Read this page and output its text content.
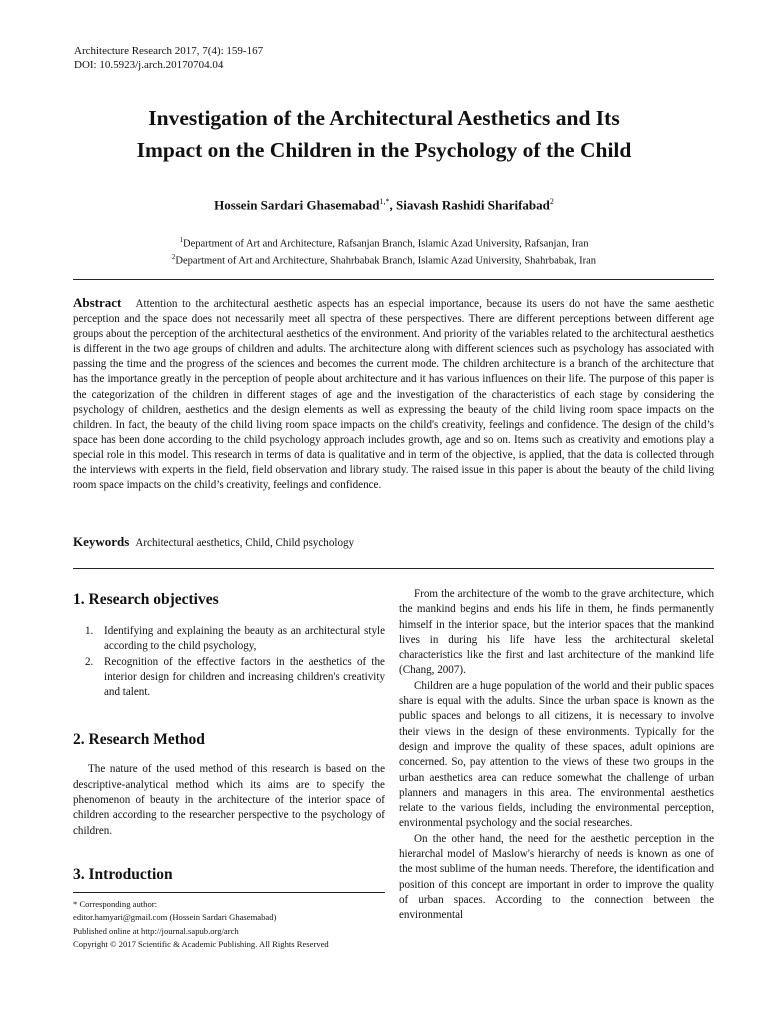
Architecture Research 2017, 7(4): 159-167
DOI: 10.5923/j.arch.20170704.04
Investigation of the Architectural Aesthetics and Its
Impact on the Children in the Psychology of the Child
Hossein Sardari Ghasemabad$^{1,*}$, Siavash Rashidi Sharifabad$^2$
$^1$Department of Art and Architecture, Rafsanjan Branch, Islamic Azad University, Rafsanjan, Iran
$^2$Department of Art and Architecture, Shahrbabak Branch, Islamic Azad University, Shahrbabak, Iran

Abstract Attention to the architectural aesthetic aspects has an especial importance, because its users do not have the same aesthetic perception and the space does not necessarily meet all spectra of these perspectives. There are different perceptions between different age groups about the perception of the architectural aesthetics of the environment. And priority of the variables related to the architectural aesthetics is different in the two age groups of children and adults. The architecture along with different sciences such as psychology has associated with passing the time and the progress of the sciences and becomes the current mode. The children architecture is a branch of the architecture that has the importance greatly in the perception of people about architecture and it has various influences on their life. The purpose of this paper is the categorization of the children in different stages of age and the investigation of the characteristics of each stage by considering the psychology of children, aesthetics and the design elements as well as expressing the beauty of the child living room space impacts on the children. In fact, the beauty of the child living room space impacts on the child's creativity, feelings and confidence. The design of the child’s space has been done according to the child psychology approach includes growth, age and so on. Items such as creativity and emotions play a special role in this model. This research in terms of data is qualitative and in term of the objective, is applied, that the data is collected through the interviews with experts in the field, field observation and library study. The raised issue in this paper is about the beauty of the child living room space impacts on the child’s creativity, feelings and confidence.

Keywords Architectural aesthetics, Child, Child psychology
1. Research objectives
1. Identifying and explaining the beauty as an architectural style according to the child psychology,
2. Recognition of the effective factors in the aesthetics of the interior design for children and increasing children's creativity and talent.
2. Research Method

The nature of the used method of this research is based on the descriptive-analytical method which its aims are to specify the phenomenon of beauty in the architecture of the interior space of children according to the researcher perspective to the psychology of children.

3. Introduction
* Corresponding author:
editor.hamyari@gmail.com (Hossein Sardari Ghasemabad)
Published online at http://journal.sapub.org/arch
Copyright © 2017 Scientific & Academic Publishing. All Rights Reserved

From the architecture of the womb to the grave architecture, which the mankind begins and ends his life in them, he finds permanently himself in the interior space, but the interior spaces that the mankind lives in during his life have less the architectural skeletal characteristics like the first and last architecture of the mankind life (Chang, 2007).

Children are a huge population of the world and their public spaces share is equal with the adults. Since the urban space is known as the public spaces and belongs to all citizens, it is necessary to involve their views in the design of these environments. Typically for the design and improve the quality of these spaces, adult opinions are concerned. So, pay attention to the views of these two groups in the urban aesthetics area can reduce somewhat the challenge of urban planners and managers in this area. The environmental aesthetics relate to the various fields, including the environmental perception, environmental psychology and the social researches.

On the other hand, the need for the aesthetic perception in the hierarchal model of Maslow's hierarchy of needs is known as one of the most sublime of the human needs. Therefore, the identification and position of this concept are important in order to improve the quality of urban spaces. According to the connection between the environmental
